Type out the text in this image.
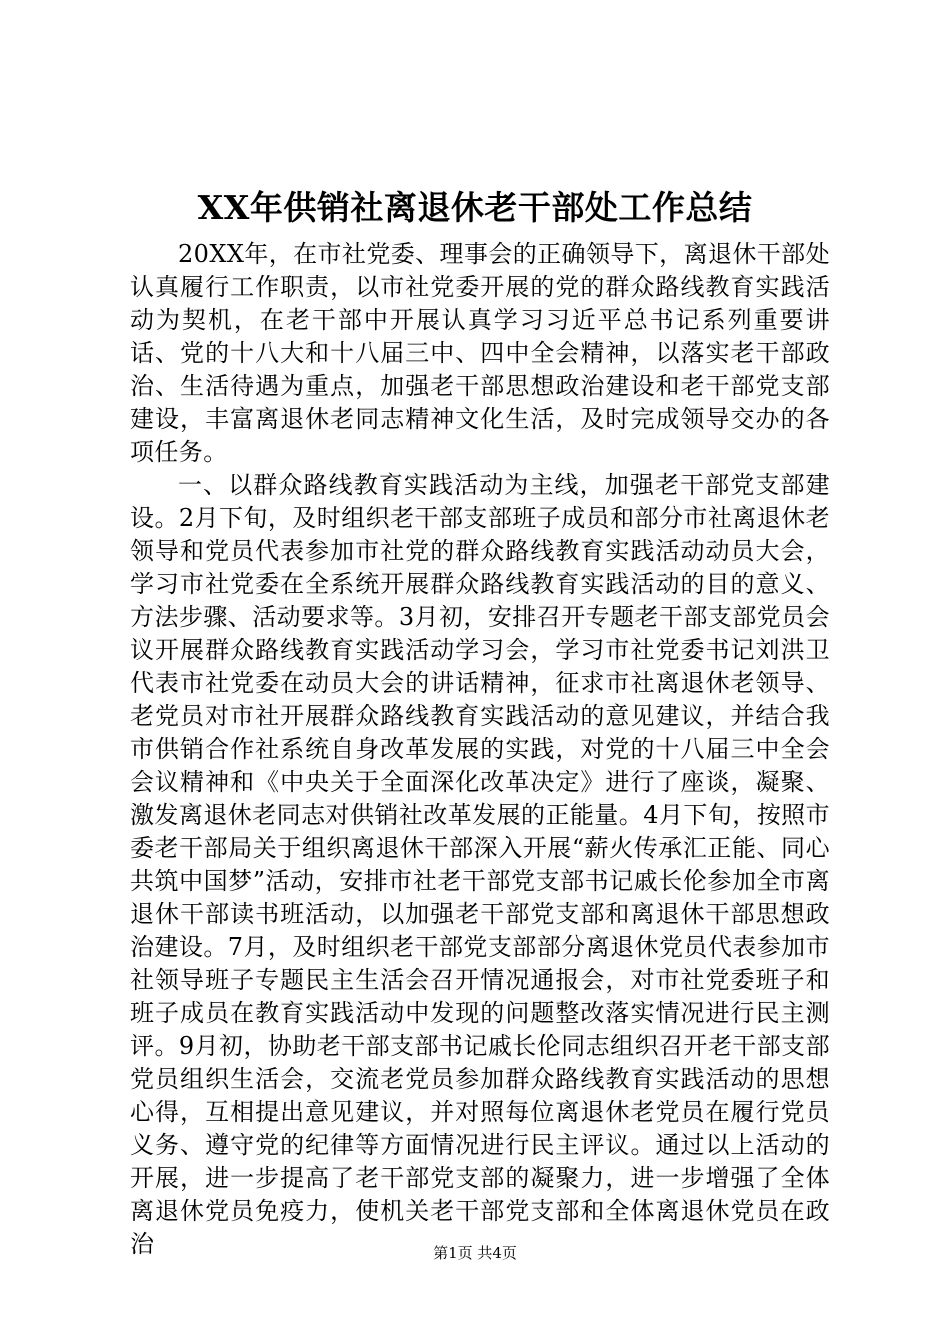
XX年供销社离退休老干部处工作总结

20XX年，在市社党委、理事会的正确领导下，离退休干部处认真履行工作职责，以市社党委开展的党的群众路线教育实践活动为契机，在老干部中开展认真学习习近平总书记系列重要讲话、党的十八大和十八届三中、四中全会精神，以落实老干部政治、生活待遇为重点，加强老干部思想政治建设和老干部党支部建设，丰富离退休老同志精神文化生活，及时完成领导交办的各项任务。

一、以群众路线教育实践活动为主线，加强老干部党支部建设。2月下旬，及时组织老干部支部班子成员和部分市社离退休老领导和党员代表参加市社党的群众路线教育实践活动动员大会，学习市社党委在全系统开展群众路线教育实践活动的目的意义、方法步骤、活动要求等。3月初，安排召开专题老干部支部党员会议开展群众路线教育实践活动学习会，学习市社党委书记刘洪卫代表市社党委在动员大会的讲话精神，征求市社离退休老领导、老党员对市社开展群众路线教育实践活动的意见建议，并结合我市供销合作社系统自身改革发展的实践，对党的十八届三中全会会议精神和《中央关于全面深化改革决定》进行了座谈，凝聚、激发离退休老同志对供销社改革发展的正能量。4月下旬，按照市委老干部局关于组织离退休干部深入开展“薪火传承汇正能、同心共筑中国梦”活动，安排市社老干部党支部书记戚长伦参加全市离退休干部读书班活动，以加强老干部党支部和离退休干部思想政治建设。7月，及时组织老干部党支部部分离退休党员代表参加市社领导班子专题民主生活会召开情况通报会，对市社党委班子和班子成员在教育实践活动中发现的问题整改落实情况进行民主测评。9月初，协助老干部支部书记戚长伦同志组织召开老干部支部党员组织生活会，交流老党员参加群众路线教育实践活动的思想心得，互相提出意见建议，并对照每位离退休老党员在履行党员义务、遵守党的纪律等方面情况进行民主评议。通过以上活动的开展，进一步提高了老干部党支部的凝聚力，进一步增强了全体离退休党员免疫力，使机关老干部党支部和全体离退休党员在政治	第1页 共4页
